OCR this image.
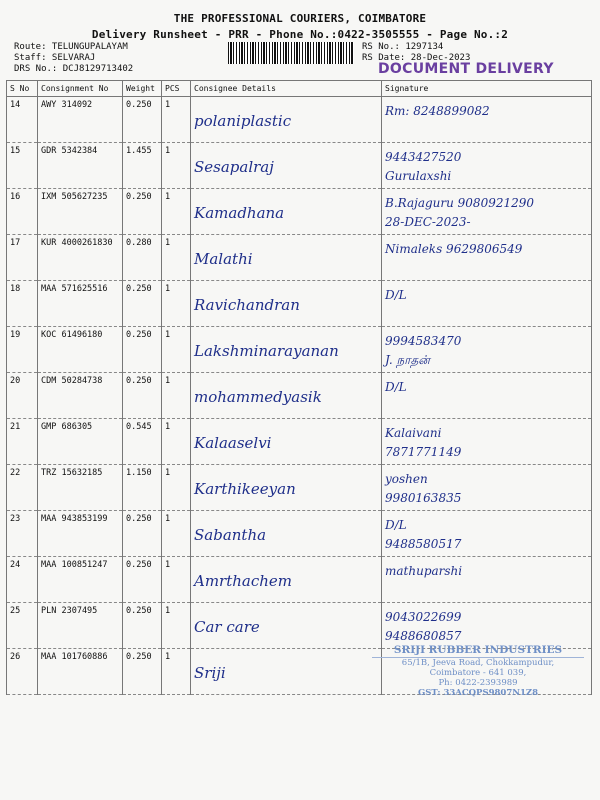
THE PROFESSIONAL COURIERS, COIMBATORE
Delivery Runsheet - PRR - Phone No.:0422-3505555 - Page No.:2
Route: TELUNGUPALAYAM
Staff: SELVARAJ
DRS No.: DCJ8129713402
RS No.: 1297134
RS Date: 28-Dec-2023
DOCUMENT DELIVERY
S No	Consignment No	Weight	PCS	Consignee Details	Signature
14	AWY 314092	0.250	1	polaniplastic	Rm: 8248899082

15	GDR 5342384	1.455	1	Sesapalraj	9443427520
Gurulaxshi

16	IXM 505627235	0.250	1	Kamadhana	B.Rajaguru 9080921290
28-DEC-2023-

17	KUR 4000261830	0.280	1	Malathi	Nimaleks 9629806549

18	MAA 571625516	0.250	1	Ravichandran	D/L

19	KOC 61496180	0.250	1	Lakshminarayanan	9994583470
J. நாதன்

20	CDM 50284738	0.250	1	mohammedyasik	D/L

21	GMP 686305	0.545	1	Kalaaselvi	Kalaivani
7871771149

22	TRZ 15632185	1.150	1	Karthikeeyan	yoshen
9980163835

23	MAA 943853199	0.250	1	Sabantha	D/L
9488580517

24	MAA 100851247	0.250	1	Amrthachem	mathuparshi

25	PLN 2307495	0.250	1	Car care	9043022699
9488680857

26	MAA 101760886	0.250	1	Sriji	

SRIJI RUBBER INDUSTRIES
65/1B, Jeeva Road, Chokkampudur,
Coimbatore - 641 039,
Ph: 0422-2393989
GST: 33ACQPS9807N1Z8
